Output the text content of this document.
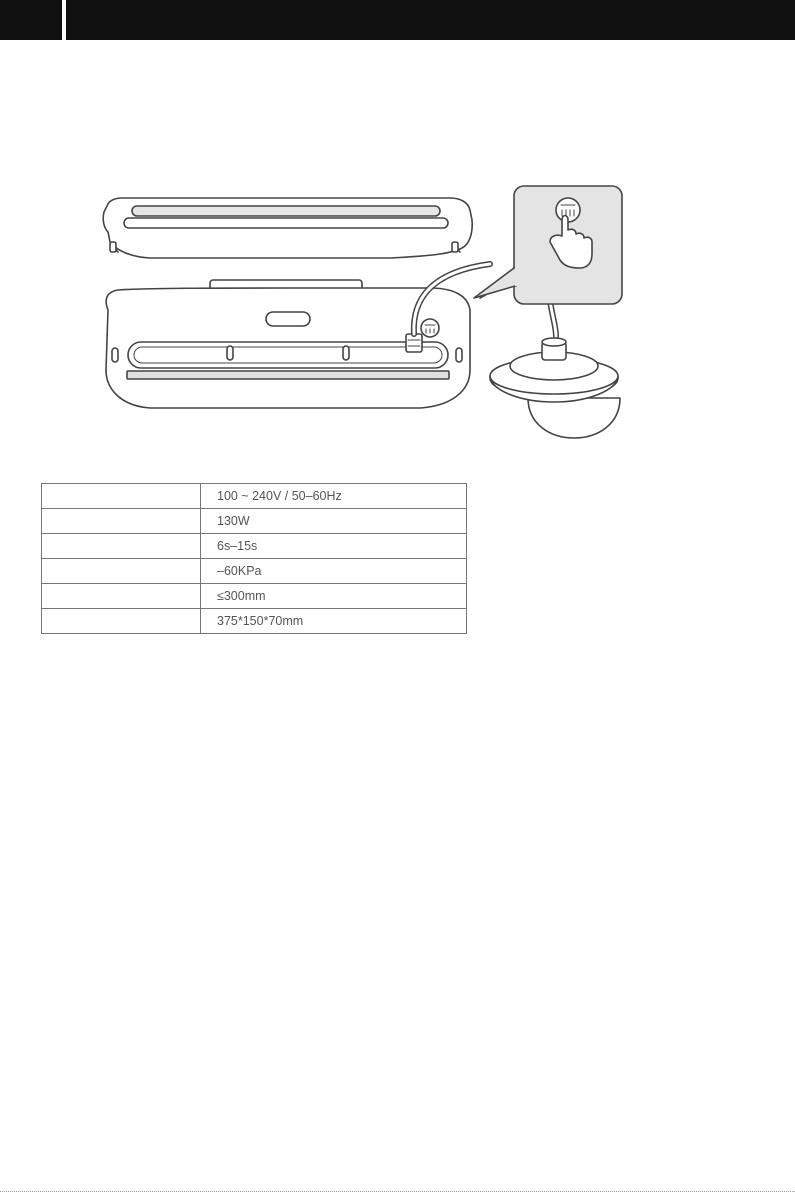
	100 ~ 240V / 50–60Hz
	130W
	6s–15s
	–60KPa
	≤300mm
	375*150*70mm
